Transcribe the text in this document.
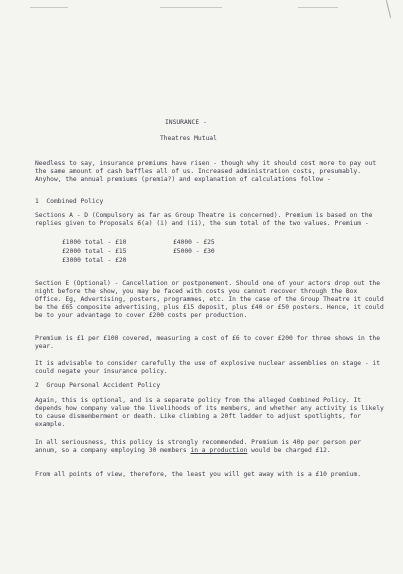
INSURANCE -
Theatres Mutual

Needless to say, insurance premiums have risen - though why it should cost more to pay out the same amount of cash baffles all of us. Increased administration costs, presumably. Anyhow, the annual premiums (premia?) and explanation of calculations follow -

1  Combined Policy

Sections A - D (Compulsory as far as Group Theatre is concerned). Premium is based on the replies given to Proposals 6(a) (i) and (ii), the sum total of the two values. Premium -

£1000 total - £10	£4000 - £25
£2000 total - £15	£5000 - £30
£3000 total - £20

Section E (Optional) - Cancellation or postponement. Should one of your actors drop out the night before the show, you may be faced with costs you cannot recover through the Box Office. Eg, Advertising, posters, programmes, etc. In the case of the Group Theatre it could be the £65 composite advertising, plus £15 deposit, plus £40 or £50 posters. Hence, it could be to your advantage to cover £200 costs per production.

Premium is £1 per £100 covered, measuring a cost of £6 to cover £200 for three shows in the year.

It is advisable to consider carefully the use of explosive nuclear assemblies on stage - it could negate your insurance policy.

2  Group Personal Accident Policy

Again, this is optional, and is a separate policy from the alleged Combined Policy. It depends how company value the livelihoods of its members, and whether any activity is likely to cause dismemberment or death. Like climbing a 20ft ladder to adjust spotlights, for example.

In all seriousness, this policy is strongly recommended. Premium is 40p per person per annum, so a company employing 30 members in a production would be charged £12.

From all points of view, therefore, the least you will get away with is a £10 premium.
